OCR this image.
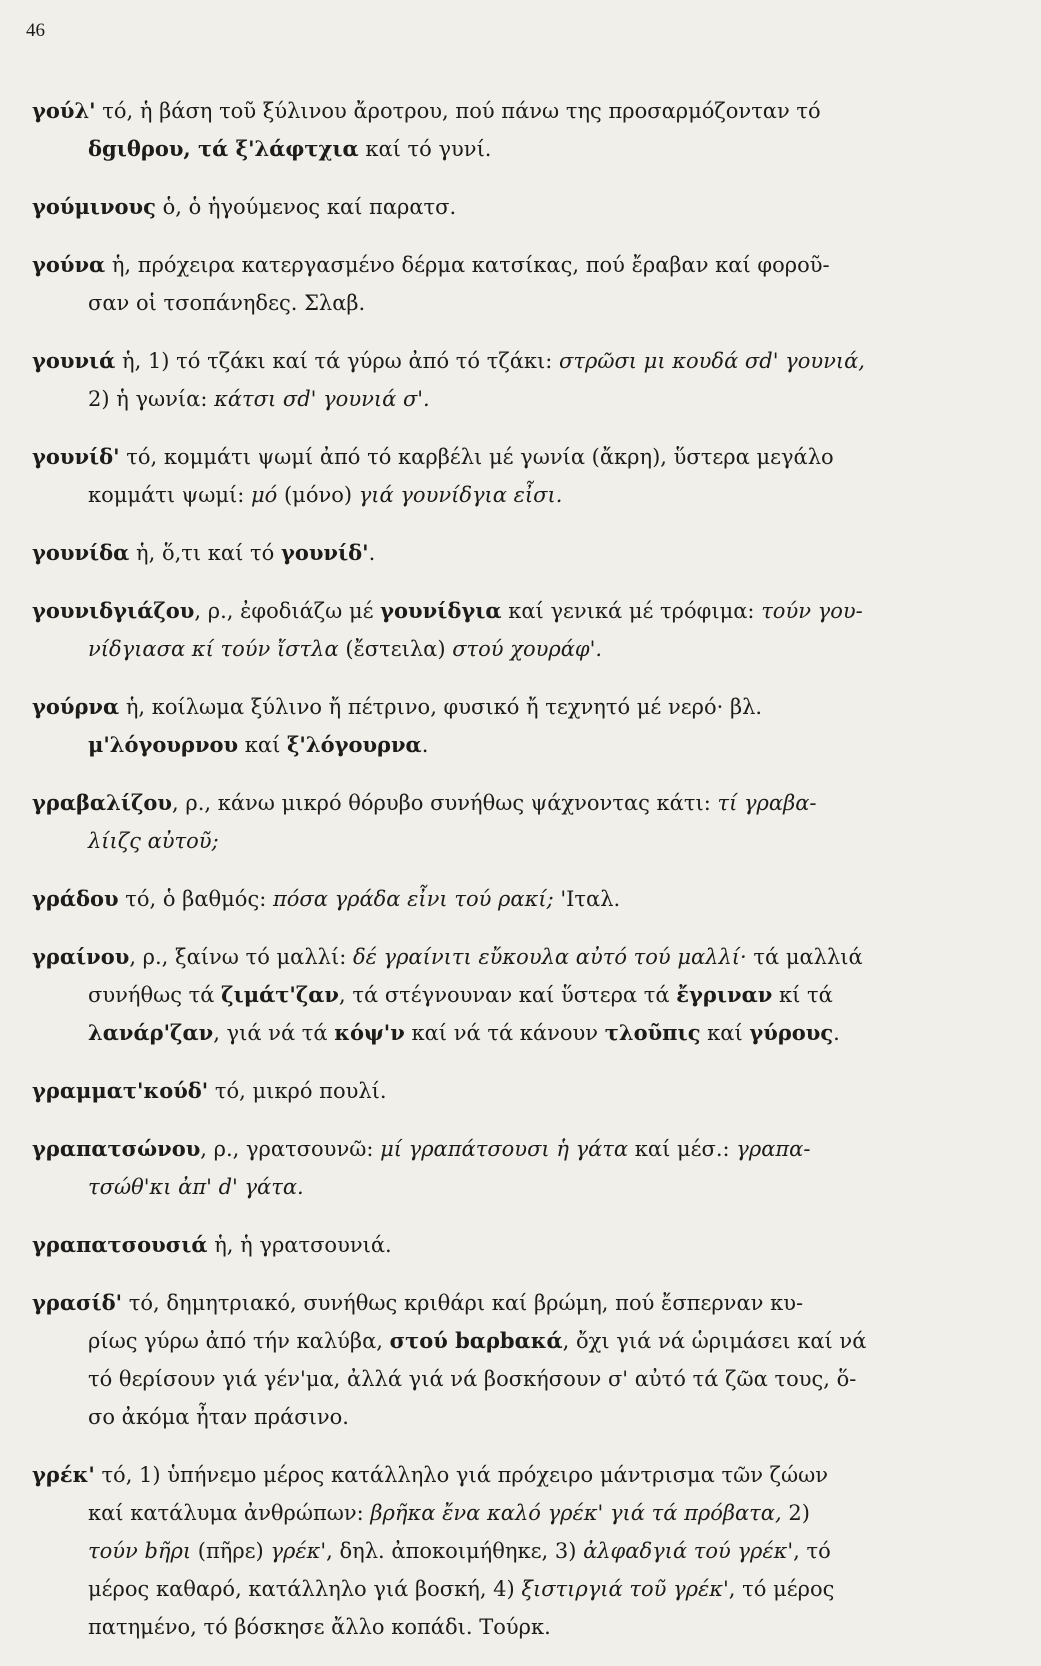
46
γούλ' τό, ἡ βάση τοῦ ξύλινου ἄροτρου, πού πάνω της προσαρμόζονταν τό
δgιθρου, τά ξ'λάφτχια καί τό γυνί.
γούμινους ὁ, ὁ ἡγούμενος καί παρατσ.
γούνα ἡ, πρόχειρα κατεργασμένο δέρμα κατσίκας, πού ἔραβαν καί φοροῦ-
σαν οἱ τσοπάνηδες. Σλαβ.
γουνιά ἡ, 1) τό τζάκι καί τά γύρω ἀπό τό τζάκι: στρῶσι μι κουδά σd' γουνιά,
2) ἡ γωνία: κάτσι σd' γουνιά σ'.
γουνίδ' τό, κομμάτι ψωμί ἀπό τό καρβέλι μέ γωνία (ἄκρη), ὕστερα μεγάλο
κομμάτι ψωμί: μό (μόνο) γιά γουνίδγια εἶσι.
γουνίδα ἡ, ὅ,τι καί τό γουνίδ'.
γουνιδγιάζου, ρ., ἐφοδιάζω μέ γουνίδγια καί γενικά μέ τρόφιμα: τούν γου-
νίδγιασα κί τούν ἴστλα (ἔστειλα) στού χουράφ'.
γούρνα ἡ, κοίλωμα ξύλινο ἤ πέτρινο, φυσικό ἤ τεχνητό μέ νερό· βλ.
μ'λόγουρνου καί ξ'λόγουρνα.
γραβαλίζου, ρ., κάνω μικρό θόρυβο συνήθως ψάχνοντας κάτι: τί γραβα-
λίιζς αὐτοῦ;
γράδου τό, ὁ βαθμός: πόσα γράδα εἶνι τού ρακί; 'Ιταλ.
γραίνου, ρ., ξαίνω τό μαλλί: δέ γραίνιτι εὔκουλα αὐτό τού μαλλί· τά μαλλιά
συνήθως τά ζιμάτ'ζαν, τά στέγνουναν καί ὕστερα τά ἔγριναν κί τά
λανάρ'ζαν, γιά νά τά κόψ'ν καί νά τά κάνουν τλοῦπις καί γύρους.
γραμματ'κούδ' τό, μικρό πουλί.
γραπατσώνου, ρ., γρατσουνῶ: μί γραπάτσουσι ἡ γάτα καί μέσ.: γραπα-
τσώθ'κι ἀπ' d' γάτα.
γραπατσουσιά ἡ, ἡ γρατσουνιά.
γρασίδ' τό, δημητριακό, συνήθως κριθάρι καί βρώμη, πού ἔσπερναν κυ-
ρίως γύρω ἀπό τήν καλύβα, στού bαρbακά, ὄχι γιά νά ὡριμάσει καί νά
τό θερίσουν γιά γέν'μα, ἀλλά γιά νά βοσκήσουν σ' αὐτό τά ζῶα τους, ὅ-
σο ἀκόμα ἦταν πράσινο.
γρέκ' τό, 1) ὑπήνεμο μέρος κατάλληλο γιά πρόχειρο μάντρισμα τῶν ζώων
καί κατάλυμα ἀνθρώπων: βρῆκα ἔνα καλό γρέκ' γιά τά πρόβατα, 2)
τούν bῆρι (πῆρε) γρέκ', δηλ. ἀποκοιμήθηκε, 3) ἀλφαδγιά τού γρέκ', τό
μέρος καθαρό, κατάλληλο γιά βοσκή, 4) ξιστιργιά τοῦ γρέκ', τό μέρος
πατημένο, τό βόσκησε ἄλλο κοπάδι. Τούρκ.
